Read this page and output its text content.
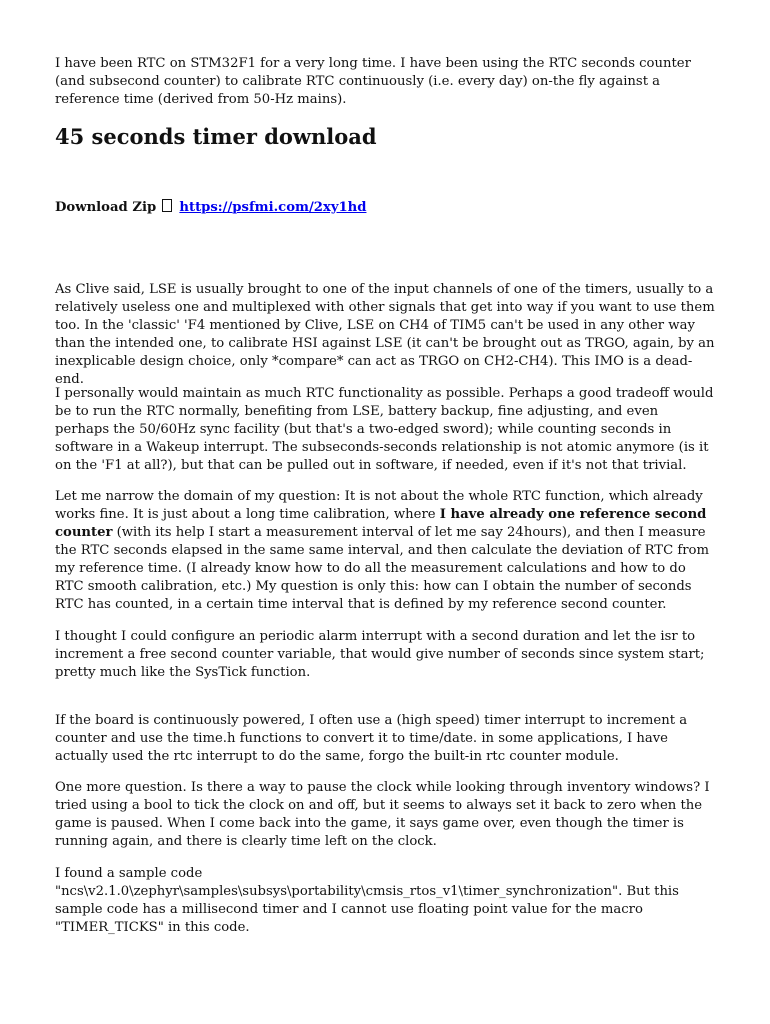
I have been RTC on STM32F1 for a very long time. I have been using the RTC seconds counter (and subsecond counter) to calibrate RTC continuously (i.e. every day) on-the fly against a reference time (derived from 50-Hz mains).

45 seconds timer download

Download Zip https://psfmi.com/2xy1hd

As Clive said, LSE is usually brought to one of the input channels of one of the timers, usually to a relatively useless one and multiplexed with other signals that get into way if you want to use them too. In the 'classic' 'F4 mentioned by Clive, LSE on CH4 of TIM5 can't be used in any other way than the intended one, to calibrate HSI against LSE (it can't be brought out as TRGO, again, by an inexplicable design choice, only *compare* can act as TRGO on CH2-CH4). This IMO is a dead-end.

I personally would maintain as much RTC functionality as possible. Perhaps a good tradeoff would be to run the RTC normally, benefiting from LSE, battery backup, fine adjusting, and even perhaps the 50/60Hz sync facility (but that's a two-edged sword); while counting seconds in software in a Wakeup interrupt. The subseconds-seconds relationship is not atomic anymore (is it on the 'F1 at all?), but that can be pulled out in software, if needed, even if it's not that trivial.

Let me narrow the domain of my question: It is not about the whole RTC function, which already works fine. It is just about a long time calibration, where I have already one reference second counter (with its help I start a measurement interval of let me say 24hours), and then I measure the RTC seconds elapsed in the same same interval, and then calculate the deviation of RTC from my reference time. (I already know how to do all the measurement calculations and how to do RTC smooth calibration, etc.) My question is only this: how can I obtain the number of seconds RTC has counted, in a certain time interval that is defined by my reference second counter.

I thought I could configure an periodic alarm interrupt with a second duration and let the isr to increment a free second counter variable, that would give number of seconds since system start; pretty much like the SysTick function.

If the board is continuously powered, I often use a (high speed) timer interrupt to increment a counter and use the time.h functions to convert it to time/date. in some applications, I have actually used the rtc interrupt to do the same, forgo the built-in rtc counter module.

One more question. Is there a way to pause the clock while looking through inventory windows? I tried using a bool to tick the clock on and off, but it seems to always set it back to zero when the game is paused. When I come back into the game, it says game over, even though the timer is running again, and there is clearly time left on the clock.

I found a sample code "ncs\v2.1.0\zephyr\samples\subsys\portability\cmsis_rtos_v1\timer_synchronization". But this sample code has a millisecond timer and I cannot use floating point value for the macro "TIMER_TICKS" in this code.
